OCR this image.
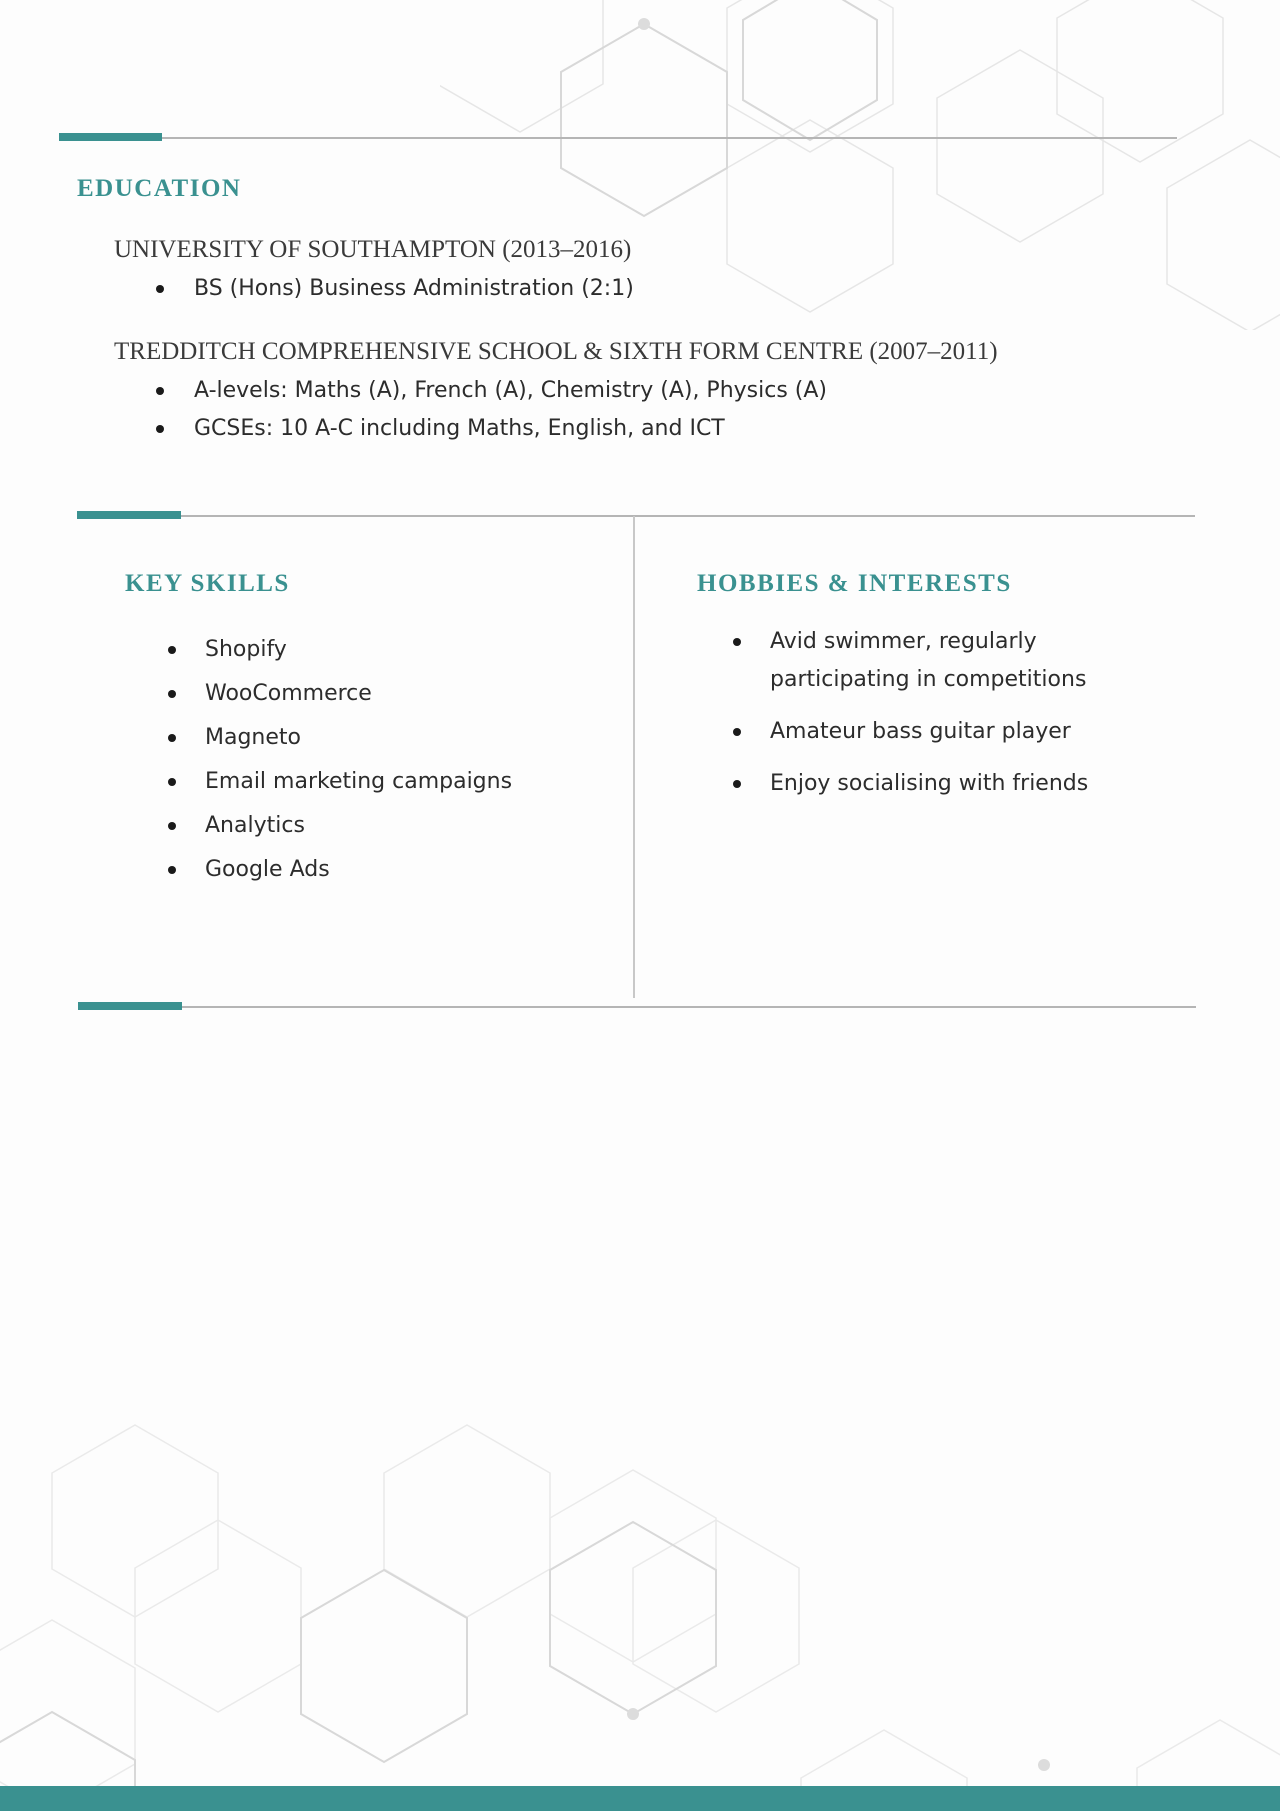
EDUCATION
UNIVERSITY OF SOUTHAMPTON (2013–2016)
BS (Hons) Business Administration (2:1)
TREDDITCH COMPREHENSIVE SCHOOL & SIXTH FORM CENTRE (2007–2011)
A-levels: Maths (A), French (A), Chemistry (A), Physics (A)
GCSEs: 10 A-C including Maths, English, and ICT
KEY SKILLS
Shopify
WooCommerce
Magneto
Email marketing campaigns
Analytics
Google Ads
HOBBIES & INTERESTS
Avid swimmer, regularly participating in competitions
Amateur bass guitar player
Enjoy socialising with friends
